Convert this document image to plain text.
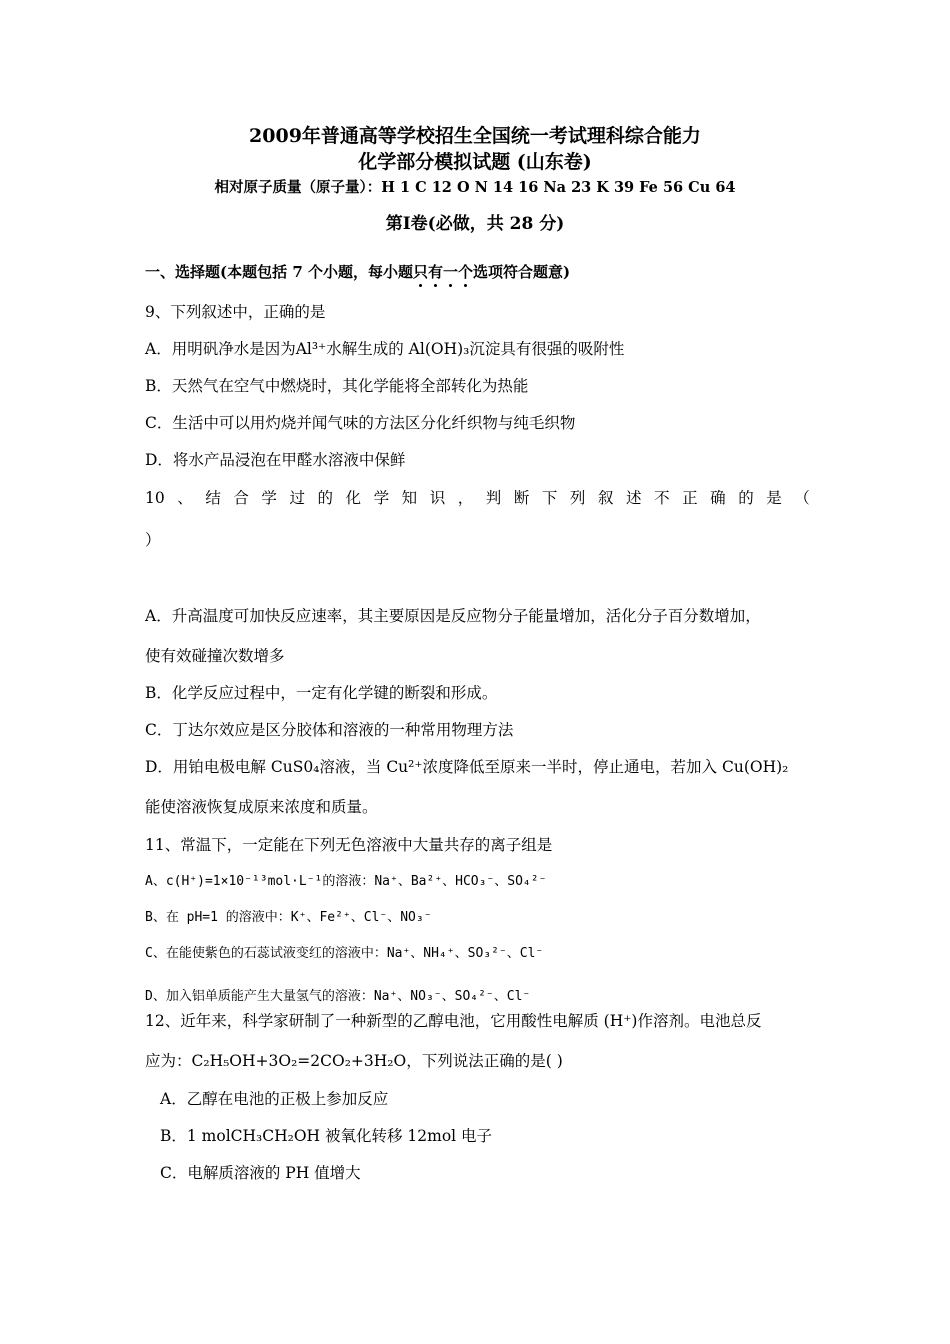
2009年普通高等学校招生全国统一考试理科综合能力
化学部分模拟试题 (山东卷)
相对原子质量（原子量）：H 1 C 12 O N 14 16 Na 23 K 39 Fe 56 Cu 64
第Ⅰ卷(必做，共 28 分)
一、选择题(本题包括 7 个小题，每小题只有一个选项符合题意)
9、下列叙述中，正确的是
A．用明矾净水是因为Al³⁺水解生成的 Al(OH)₃沉淀具有很强的吸附性
B．天然气在空气中燃烧时，其化学能将全部转化为热能
C．生活中可以用灼烧并闻气味的方法区分化纤织物与纯毛织物
D．将水产品浸泡在甲醛水溶液中保鲜
10 、 结 合 学 过 的 化 学 知 识 ， 判 断 下 列 叙 述 不 正 确 的 是 （
）
A．升高温度可加快反应速率，其主要原因是反应物分子能量增加，活化分子百分数增加，
使有效碰撞次数增多
B．化学反应过程中，一定有化学键的断裂和形成。
C．丁达尔效应是区分胶体和溶液的一种常用物理方法
D．用铂电极电解 CuS0₄溶液，当 Cu²⁺浓度降低至原来一半时，停止通电，若加入 Cu(OH)₂
能使溶液恢复成原来浓度和质量。
11、常温下，一定能在下列无色溶液中大量共存的离子组是
A、c(H⁺)=1×10⁻¹³mol·L⁻¹的溶液：Na⁺、Ba²⁺、HCO₃⁻、SO₄²⁻
B、在 pH=1 的溶液中：K⁺、Fe²⁺、Cl⁻、NO₃⁻
C、在能使紫色的石蕊试液变红的溶液中：Na⁺、NH₄⁺、SO₃²⁻、Cl⁻
D、加入铝单质能产生大量氢气的溶液：Na⁺、NO₃⁻、SO₄²⁻、Cl⁻
12、近年来，科学家研制了一种新型的乙醇电池，它用酸性电解质 (H⁺)作溶剂。电池总反
应为：C₂H₅OH+3O₂=2CO₂+3H₂O，下列说法正确的是( )
A．乙醇在电池的正极上参加反应
B．1 molCH₃CH₂OH 被氧化转移 12mol 电子
C．电解质溶液的 PH 值增大
